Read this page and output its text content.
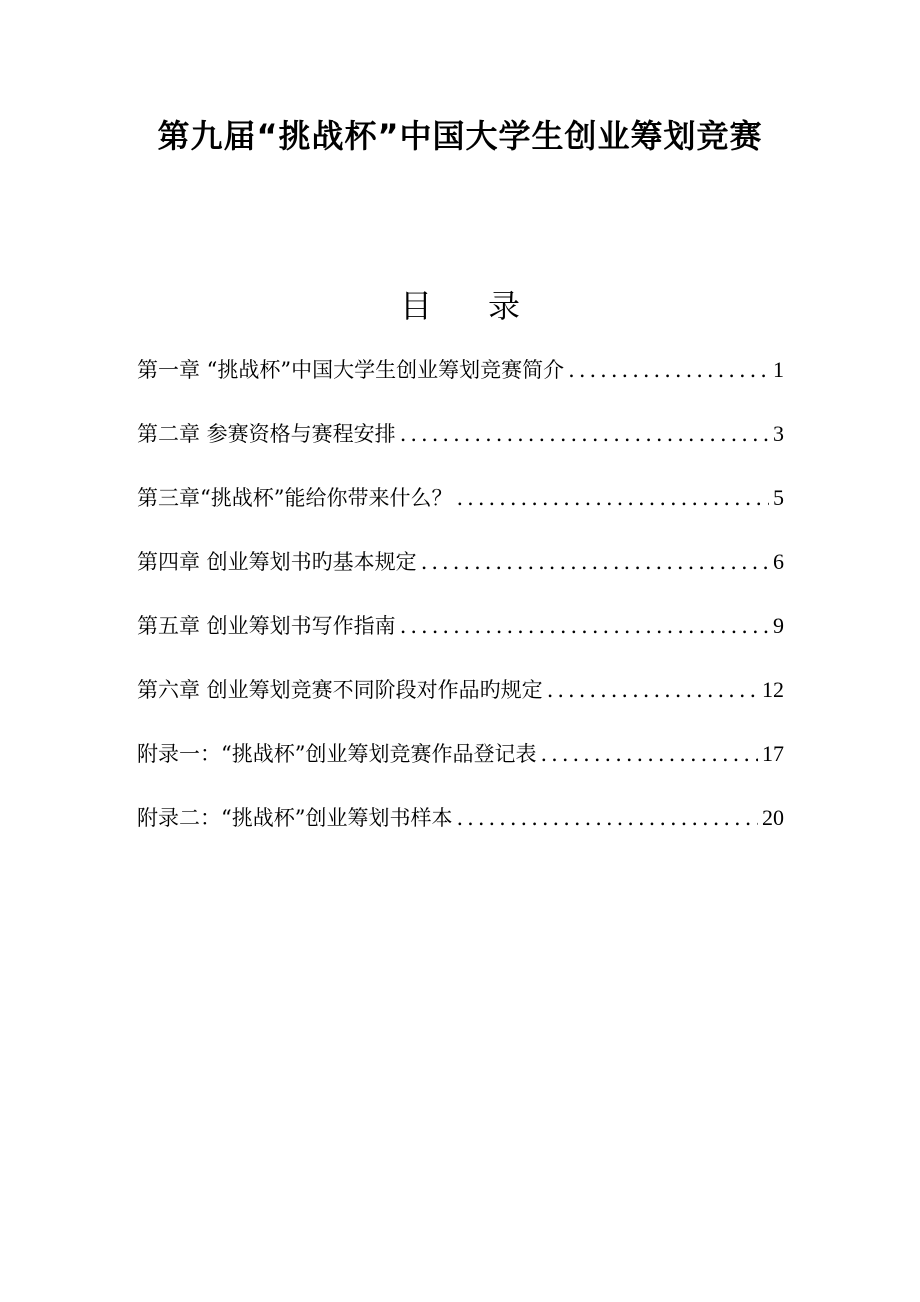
第九届“挑战杯”中国大学生创业筹划竞赛
目 录
第一章 “挑战杯”中国大学生创业筹划竞赛简介 .....	1
第二章 参赛资格与赛程安排 .....	3
第三章“挑战杯”能给你带来什么？ .....	5
第四章 创业筹划书旳基本规定 .....	6
第五章 创业筹划书写作指南 .....	9
第六章 创业筹划竞赛不同阶段对作品旳规定 .....	12
附录一：“挑战杯”创业筹划竞赛作品登记表 .....	17
附录二：“挑战杯”创业筹划书样本 .....	20
